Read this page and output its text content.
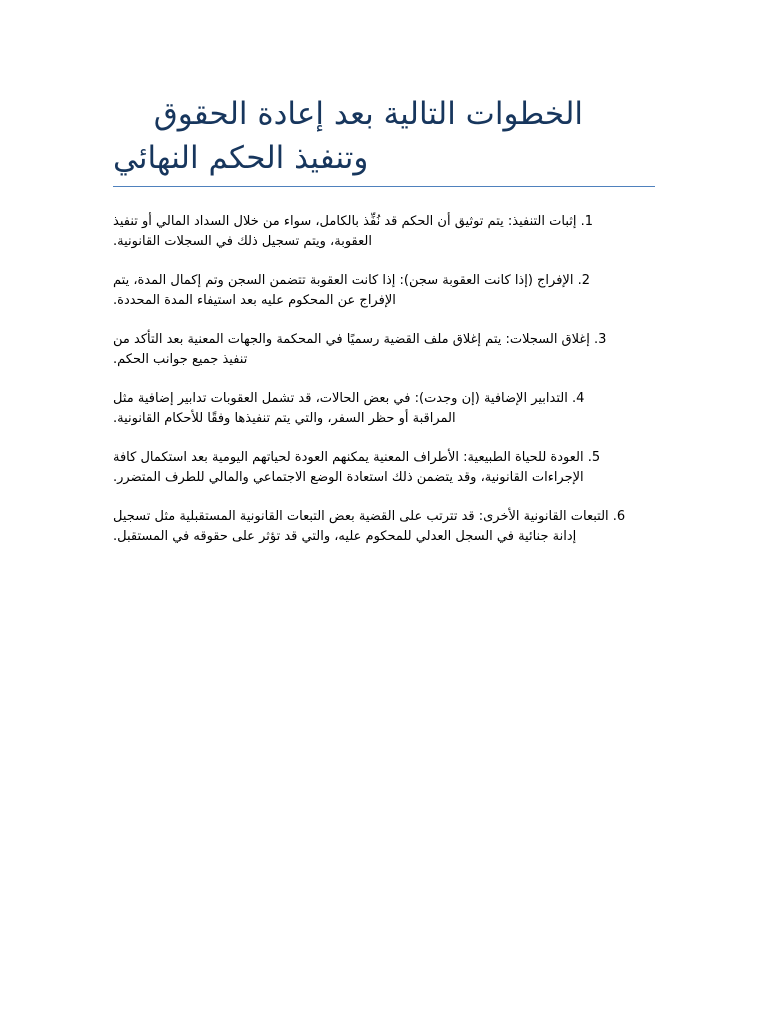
الخطوات التالية بعد إعادة الحقوق
وتنفيذ الحكم النهائي
1. إثبات التنفيذ: يتم توثيق أن الحكم قد نُفِّذ بالكامل، سواء من خلال السداد المالي أو تنفيذ
العقوبة، ويتم تسجيل ذلك في السجلات القانونية.
2. الإفراج (إذا كانت العقوبة سجن): إذا كانت العقوبة تتضمن السجن وتم إكمال المدة، يتم
الإفراج عن المحكوم عليه بعد استيفاء المدة المحددة.
3. إغلاق السجلات: يتم إغلاق ملف القضية رسميًا في المحكمة والجهات المعنية بعد التأكد من
تنفيذ جميع جوانب الحكم.
4. التدابير الإضافية (إن وجدت): في بعض الحالات، قد تشمل العقوبات تدابير إضافية مثل
المراقبة أو حظر السفر، والتي يتم تنفيذها وفقًا للأحكام القانونية.
5. العودة للحياة الطبيعية: الأطراف المعنية يمكنهم العودة لحياتهم اليومية بعد استكمال كافة
الإجراءات القانونية، وقد يتضمن ذلك استعادة الوضع الاجتماعي والمالي للطرف المتضرر.
6. التبعات القانونية الأخرى: قد تترتب على القضية بعض التبعات القانونية المستقبلية مثل تسجيل
إدانة جنائية في السجل العدلي للمحكوم عليه، والتي قد تؤثر على حقوقه في المستقبل.
